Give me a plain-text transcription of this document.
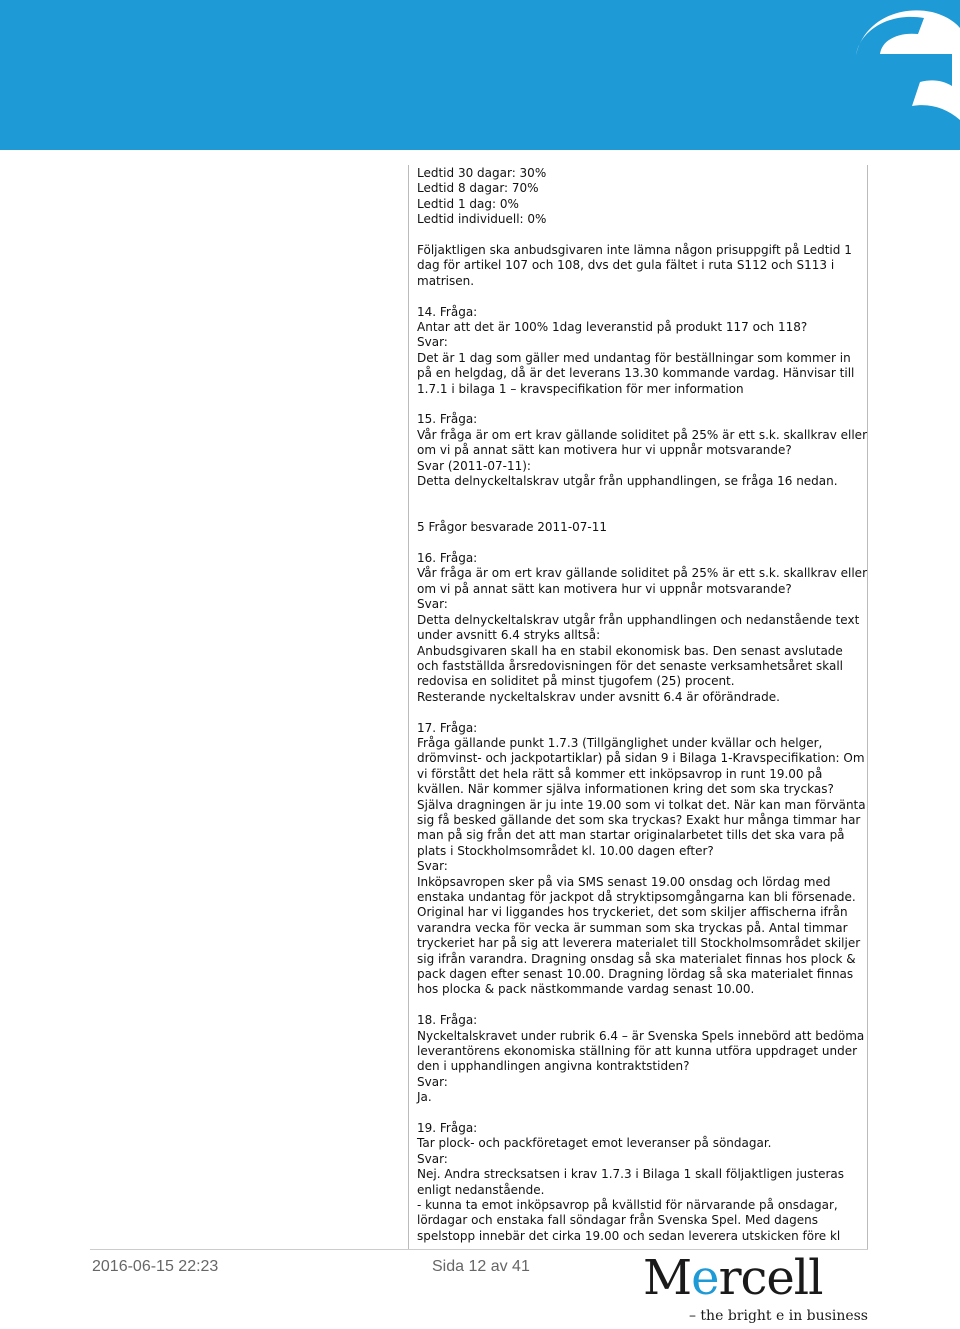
Ledtid 30 dagar: 30%

Ledtid 8 dagar: 70%

Ledtid 1 dag: 0%

Ledtid individuell: 0%

Följaktligen ska anbudsgivaren inte lämna någon prisuppgift på Ledtid 1 dag för artikel 107 och 108, dvs det gula fältet i ruta S112 och S113 i matrisen.

14. Fråga:

Antar att det är 100% 1dag leveranstid på produkt 117 och 118?

Svar:

Det är 1 dag som gäller med undantag för beställningar som kommer in på en helgdag, då är det leverans 13.30 kommande vardag. Hänvisar till 1.7.1 i bilaga 1 – kravspecifikation för mer information

15. Fråga:

Vår fråga är om ert krav gällande soliditet på 25% är ett s.k. skallkrav eller om vi på annat sätt kan motivera hur vi uppnår motsvarande?

Svar (2011-07-11):

Detta delnyckeltalskrav utgår från upphandlingen, se fråga 16 nedan.

5 Frågor besvarade 2011-07-11

16. Fråga:

Vår fråga är om ert krav gällande soliditet på 25% är ett s.k. skallkrav eller om vi på annat sätt kan motivera hur vi uppnår motsvarande?

Svar:

Detta delnyckeltalskrav utgår från upphandlingen och nedanstående text under avsnitt 6.4 stryks alltså:

Anbudsgivaren skall ha en stabil ekonomisk bas. Den senast avslutade och fastställda årsredovisningen för det senaste verksamhetsåret skall redovisa en soliditet på minst tjugofem (25) procent.

Resterande nyckeltalskrav under avsnitt 6.4 är oförändrade.

17. Fråga:

Fråga gällande punkt 1.7.3 (Tillgänglighet under kvällar och helger, drömvinst- och jackpotartiklar) på sidan 9 i Bilaga 1-Kravspecifikation: Om vi förstått det hela rätt så kommer ett inköpsavrop in runt 19.00 på kvällen. När kommer själva informationen kring det som ska tryckas? Själva dragningen är ju inte 19.00 som vi tolkat det. När kan man förvänta sig få besked gällande det som ska tryckas? Exakt hur många timmar har man på sig från det att man startar originalarbetet tills det ska vara på plats i Stockholmsområdet kl. 10.00 dagen efter?

Svar:

Inköpsavropen sker på via SMS senast 19.00 onsdag och lördag med enstaka undantag för jackpot då stryktipsomgångarna kan bli försenade. Original har vi liggandes hos tryckeriet, det som skiljer affischerna ifrån varandra vecka för vecka är summan som ska tryckas på. Antal timmar tryckeriet har på sig att leverera materialet till Stockholmsområdet skiljer sig ifrån varandra. Dragning onsdag så ska materialet finnas hos plock & pack dagen efter senast 10.00. Dragning lördag så ska materialet finnas hos plocka & pack nästkommande vardag senast 10.00.

18. Fråga:

Nyckeltalskravet under rubrik 6.4 – är Svenska Spels innebörd att bedöma leverantörens ekonomiska ställning för att kunna utföra uppdraget under den i upphandlingen angivna kontraktstiden?

Svar:

Ja.

19. Fråga:

Tar plock- och packföretaget emot leveranser på söndagar.

Svar:

Nej. Andra strecksatsen i krav 1.7.3 i Bilaga 1 skall följaktligen justeras enligt nedanstående.

- kunna ta emot inköpsavrop på kvällstid för närvarande på onsdagar, lördagar och enstaka fall söndagar från Svenska Spel. Med dagens spelstopp innebär det cirka 19.00 och sedan leverera utskicken före kl

2016-06-15 22:23	Sida 12 av 41 Mercell
– the bright e in business
